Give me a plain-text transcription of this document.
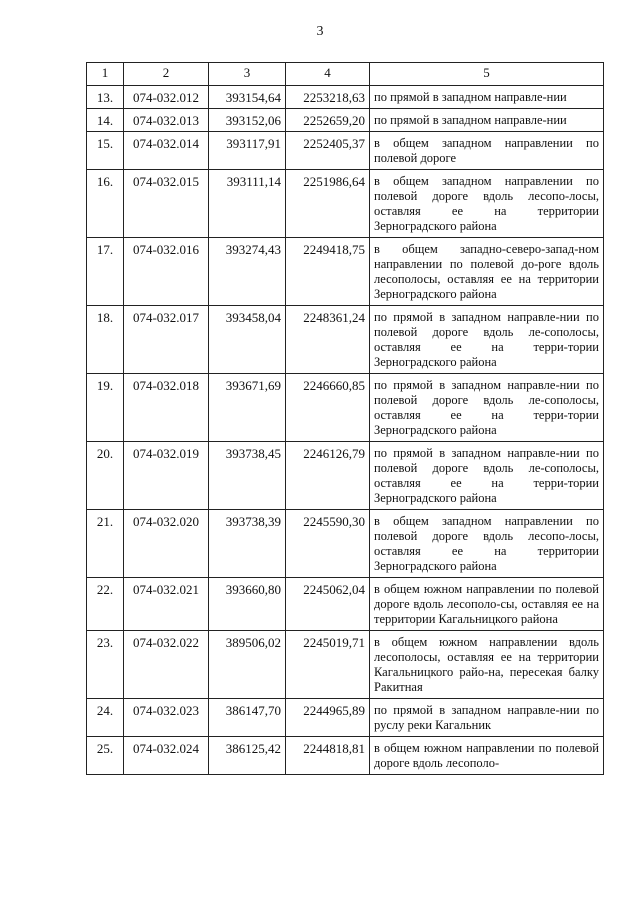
3
1	2	3	4	5
13.	074-032.012	393154,64	2253218,63	по прямой в западном направле-нии
14.	074-032.013	393152,06	2252659,20	по прямой в западном направле-нии
15.	074-032.014	393117,91	2252405,37	в общем западном направлении по полевой дороге
16.	074-032.015	393111,14	2251986,64	в общем западном направлении по полевой дороге вдоль лесопо-лосы, оставляя ее на территории Зерноградского района
17.	074-032.016	393274,43	2249418,75	в общем западно-северо-запад-ном направлении по полевой до-роге вдоль лесополосы, оставляя ее на территории Зерноградского района
18.	074-032.017	393458,04	2248361,24	по прямой в западном направле-нии по полевой дороге вдоль ле-сополосы, оставляя ее на терри-тории Зерноградского района
19.	074-032.018	393671,69	2246660,85	по прямой в западном направле-нии по полевой дороге вдоль ле-сополосы, оставляя ее на терри-тории Зерноградского района
20.	074-032.019	393738,45	2246126,79	по прямой в западном направле-нии по полевой дороге вдоль ле-сополосы, оставляя ее на терри-тории Зерноградского района
21.	074-032.020	393738,39	2245590,30	в общем западном направлении по полевой дороге вдоль лесопо-лосы, оставляя ее на территории Зерноградского района
22.	074-032.021	393660,80	2245062,04	в общем южном направлении по полевой дороге вдоль лесополо-сы, оставляя ее на территории Кагальницкого района
23.	074-032.022	389506,02	2245019,71	в общем южном направлении вдоль лесополосы, оставляя ее на территории Кагальницкого райо-на, пересекая балку Ракитная
24.	074-032.023	386147,70	2244965,89	по прямой в западном направле-нии по руслу реки Кагальник
25.	074-032.024	386125,42	2244818,81	в общем южном направлении по полевой дороге вдоль лесополо-
